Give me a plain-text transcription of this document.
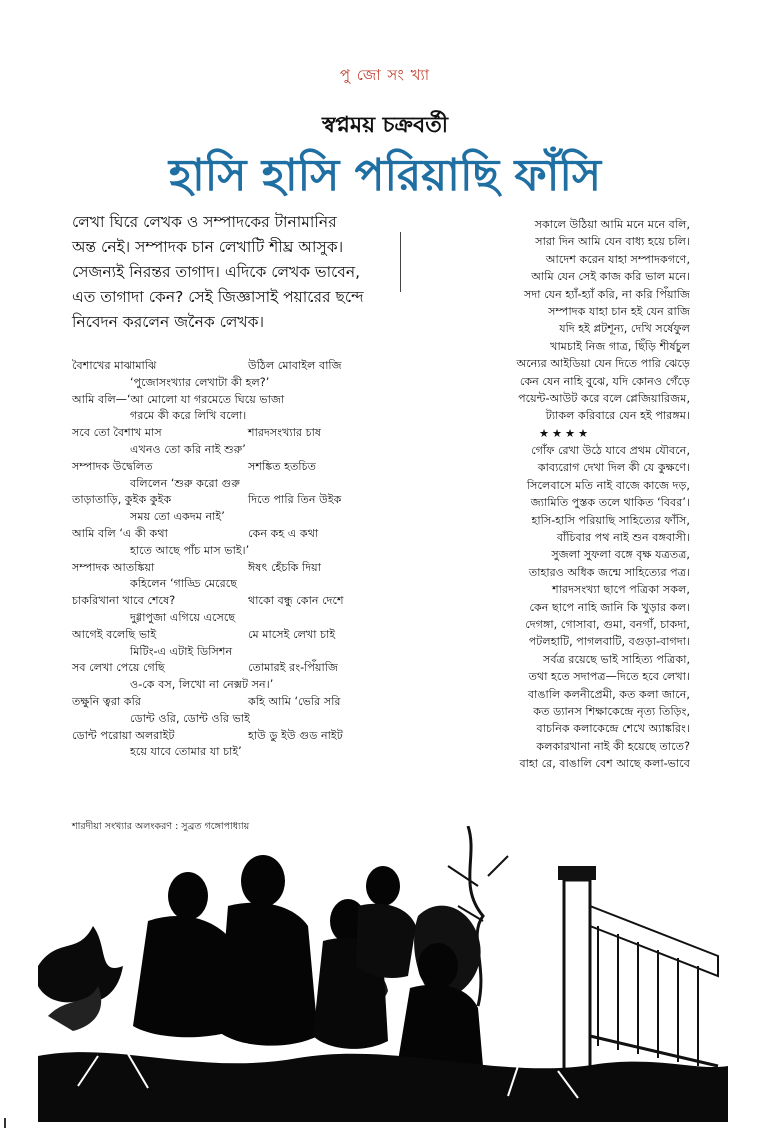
পু জো সং খ্যা
স্বপ্নময় চক্রবর্তী
হাসি হাসি পরিয়াছি ফাঁসি

লেখা ঘিরে লেখক ও সম্পাদকের টানামানির

অন্ত নেই। সম্পাদক চান লেখাটি শীঘ্র আসুক।

সেজন্যই নিরন্তর তাগাদ। এদিকে লেখক ভাবেন,

এত তাগাদা কেন? সেই জিজ্ঞাসাই পয়ারের ছন্দে

নিবেদন করলেন জনৈক লেখক।

বৈশাখের মাঝামাঝি	উঠিল মোবাইল বাজি
‘পুজোসংখ্যার লেখাটা কী হল?’
আমি বলি—‘আ মোলো যা গরমেতে ঘিয়ে ভাজা
গরমে কী করে লিখি বলো।
সবে তো বৈশাখ মাস	শারদসংখ্যার চাষ
এখনও তো করি নাই শুরু’
সম্পাদক উদ্বেলিত	সশঙ্কিত হতচিত
বলিলেন ‘শুরু করো গুরু
তাড়াতাড়ি, কুইক কুইক	দিতে পারি তিন উইক
সময় তো একদম নাই’
আমি বলি ‘এ কী কথা	কেন কহ এ কথা
হাতে আছে পাঁচ মাস ভাই।’
সম্পাদক আতঙ্কিয়া	ঈষৎ হেঁচকি দিয়া
কহিলেন ‘গাড্ডি মেরেছে
চাকরিখানা খাবে শেষে?	থাকো বন্ধু কোন দেশে
দুগ্গাপুজা এগিয়ে এসেছে
আগেই বলেছি ভাই	মে মাসেই লেখা চাই
মিটিং-এ এটাই ডিসিশন
সব লেখা পেয়ে গেছি	তোমারই রং-পিঁয়াজি
ও-কে বস, লিখো না নেক্সট সন।’
তক্ষুনি ত্বরা করি	কহি আমি ‘ভেরি সরি
ডোন্ট ওরি, ডোন্ট ওরি ভাই
ডোন্ট পরোয়া অলরাইট	হাউ ডু ইউ গুড নাইট
হয়ে যাবে তোমার যা চাই’
সকালে উঠিয়া আমি মনে মনে বলি,
সারা দিন আমি যেন বাধ্য হয়ে চলি।
আদেশ করেন যাহা সম্পাদকগণে,
আমি যেন সেই কাজ করি ভাল মনে।
সদা যেন হ্যাঁ-হ্যাঁ করি, না করি পিঁয়াজি
সম্পাদক যাহা চান হই যেন রাজি
যদি হই প্লটশূন্য, দেখি সর্ষেফুল
খামচাই নিজ গাত্র, ছিঁড়ি শীর্ষচুল
অন্যের আইডিয়া যেন দিতে পারি ঝেড়ে
কেন যেন নাহি বুঝে, যদি কোনও গেঁড়ে
পয়েন্ট-আউট করে বলে প্লেজিয়ারিজম,
ট্যাকল করিবারে যেন হই পারঙ্গম।
★★★★
গোঁফ রেখা উঠে যাবে প্রথম যৌবনে,
কাব্যরোগ দেখা দিল কী যে কুক্ষণে।
সিলেবাসে মতি নাই বাজে কাজে দড়,
জ্যামিতি পুস্তক তলে থাকিত ‘বিবর’।
হাসি-হাসি পরিয়াছি সাহিত্যের ফাঁসি,
বাঁচিবার পথ নাই শুন বঙ্গবাসী।
সুজলা সুফলা বঙ্গে বৃক্ষ যত্রতত্র,
তাহারও অধিক জন্মে সাহিত্যের পত্র।
শারদসংখ্যা ছাপে পত্রিকা সকল,
কেন ছাপে নাহি জানি কি খুড়ার কল।
দেগঙ্গা, গোসাবা, গুমা, বনগাঁ, চাকদা,
পটলহাটি, পাগলবাটি, বগুড়া-বাগদা।
সর্বত্র রয়েছে ভাই সাহিত্য পত্রিকা,
তথা হতে সদাপত্র—দিতে হবে লেখা।
বাঙালি কলনীপ্রেমী, কত কলা জানে,
কত ড্যানস শিক্ষাকেন্দ্রে নৃত্য তিড়িং,
বাচনিক কলাকেন্দ্রে শেখে অ্যাঙ্করিং।
কলকারখানা নাই কী হয়েছে তাতে?
বাহা রে, বাঙালি বেশ আছে কলা-ভাবে
শারদীয়া সংখ্যার অলংকরণ : সুব্রত গঙ্গোপাধ্যায়
